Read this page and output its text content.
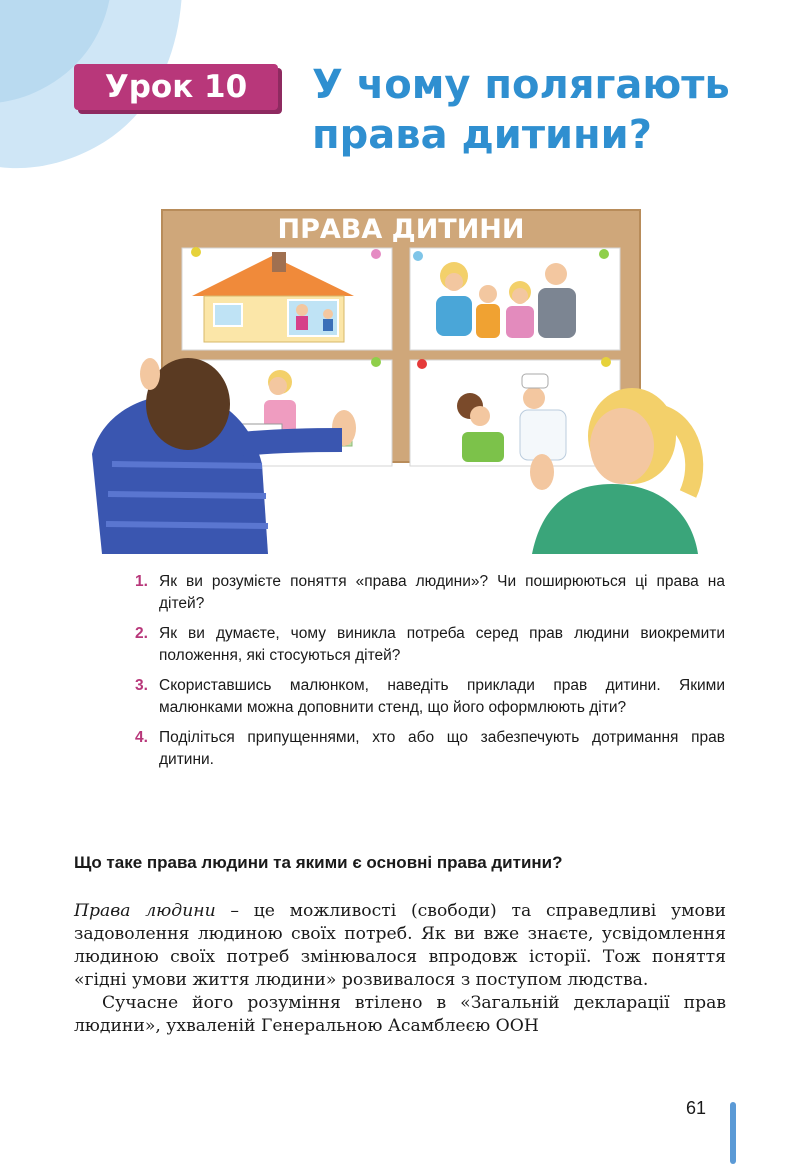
Урок 10	У чому полягають
права дитини?
ПРАВА ДИТИНИ
1. Як ви розумієте поняття «права людини»? Чи поширюються ці права на дітей?
2. Як ви думаєте, чому виникла потреба серед прав людини виокремити положення, які стосуються дітей?
3. Скориставшись малюнком, наведіть приклади прав дитини. Якими малюнками можна доповнити стенд, що його оформлюють діти?
4. Поділіться припущеннями, хто або що забезпечують дотримання прав дитини.
Що таке права людини та якими є основні права дитини?

Права людини – це можливості (свободи) та справедливі умови задоволення людиною своїх потреб. Як ви вже знаєте, усвідомлення людиною своїх потреб змінювалося впродовж історії. Тож поняття «гідні умови життя людини» розвивалося з поступом людства.

Сучасне його розуміння втілено в «Загальній декларації прав людини», ухваленій Генеральною Асамблеєю ООН

61
